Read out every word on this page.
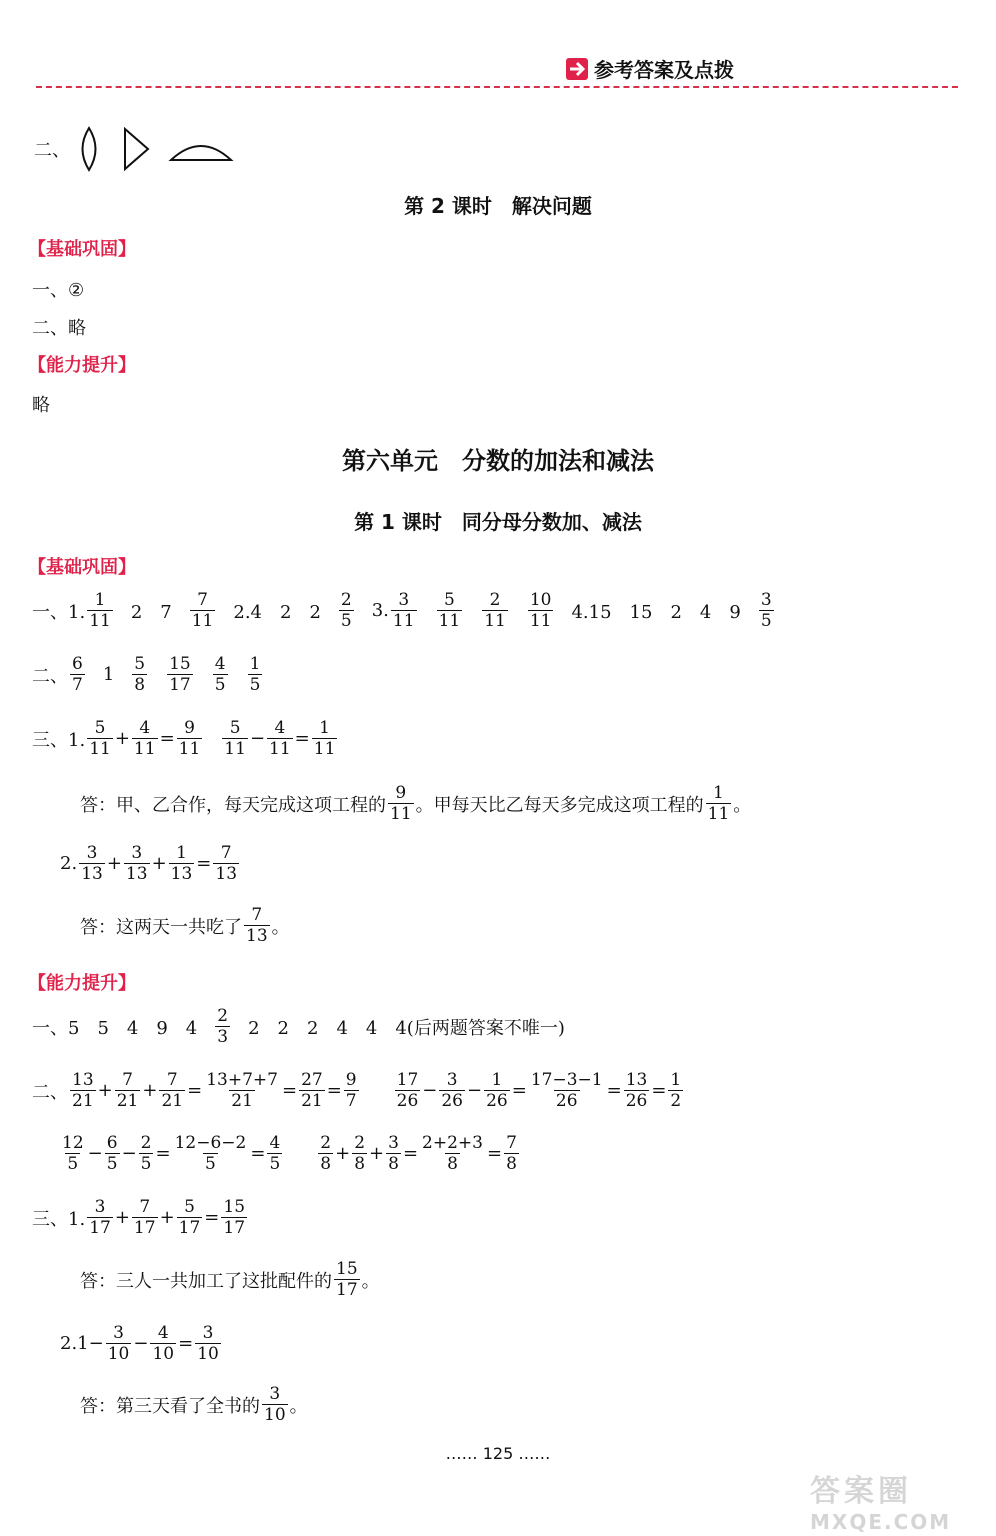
参考答案及点拨
二、
第 2 课时　解决问题
【基础巩固】
一、②
二、略
【能力提升】
略
第六单元　分数的加法和减法
第 1 课时　同分母分数加、减法
【基础巩固】
一、1.
1
11 2　7
7
11 2.4　2　2
2
5 3. 3
11
5
11
2
11
10
11 4.15　15　2　4　9
3
5
二、
6
7 1 5
8
15
17
4
5
1
5
三、1.
5
$11 + \frac{4}{11} = \frac{9}{11} 5$
$11 - \frac{4}{11} = \frac{1}{11}$
答：甲、乙合作，每天完成这项工程的
9
11 。甲每天比乙每天多完成这项工程的
1
11 。
2. 3
$13 + \frac{3}{13} + \frac{1}{13} = \frac{7}{13}$
答：这两天一共吃了
7
13 。
【能力提升】
一、5　5　4　9　4
2
3 2　2　2　4　4　4(后两题答案不唯一)
二、
13
$21 + \frac{7}{21} + \frac{7}{21} = \frac{13+7+7}{21} = \frac{27}{21} = \frac{9}{7} 17$
$26 - \frac{3}{26} - \frac{1}{26} = \frac{17-3-1}{26} = \frac{13}{26} = \frac{1}{2}$
12
$5 - \frac{6}{5} - \frac{2}{5} = \frac{12-6-2}{5} = \frac{4}{5} 2$
$8 + \frac{2}{8} + \frac{3}{8} = \frac{2+2+3}{8} = \frac{7}{8}$
三、1.
3
$17 + \frac{7}{17} + \frac{5}{17} = \frac{15}{17}$
答：三人一共加工了这批配件的
15
17 。
$2.1- \frac{3}{10} - \frac{4}{10} = \frac{3}{10}$
答：第三天看了全书的
3
10 。
…… 125 ……
答案圈
MXQE.COM
